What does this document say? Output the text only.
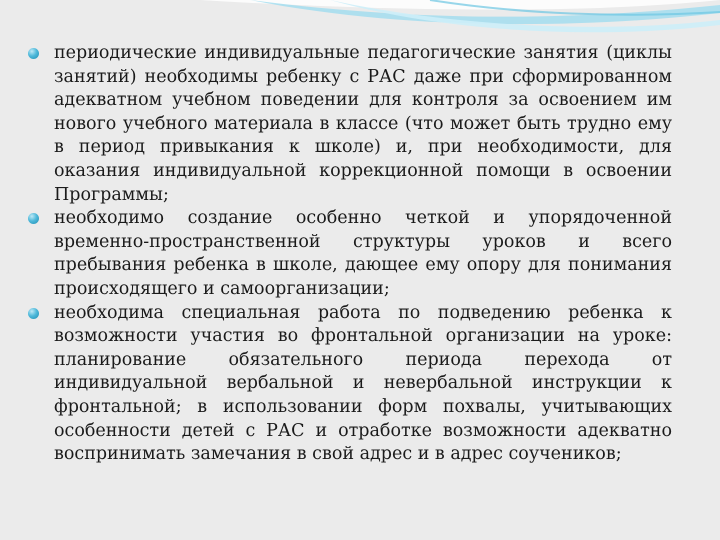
периодические индивидуальные педагогические занятия (циклы занятий) необходимы ребенку с РАС даже при сформированном адекватном учебном поведении для контроля за освоением им нового учебного материала в классе (что может быть трудно ему в период привыкания к школе) и, при необходимости, для оказания индивидуальной коррекционной помощи в освоении Программы;
необходимо создание особенно четкой и упорядоченной временно-пространственной структуры уроков и всего пребывания ребенка в школе, дающее ему опору для понимания происходящего и самоорганизации;
необходима специальная работа по подведению ребенка к возможности участия во фронтальной организации на уроке: планирование обязательного периода перехода от индивидуальной вербальной и невербальной инструкции к фронтальной; в использовании форм похвалы, учитывающих особенности детей с РАС и отработке возможности адекватно воспринимать замечания в свой адрес и в адрес соучеников;
